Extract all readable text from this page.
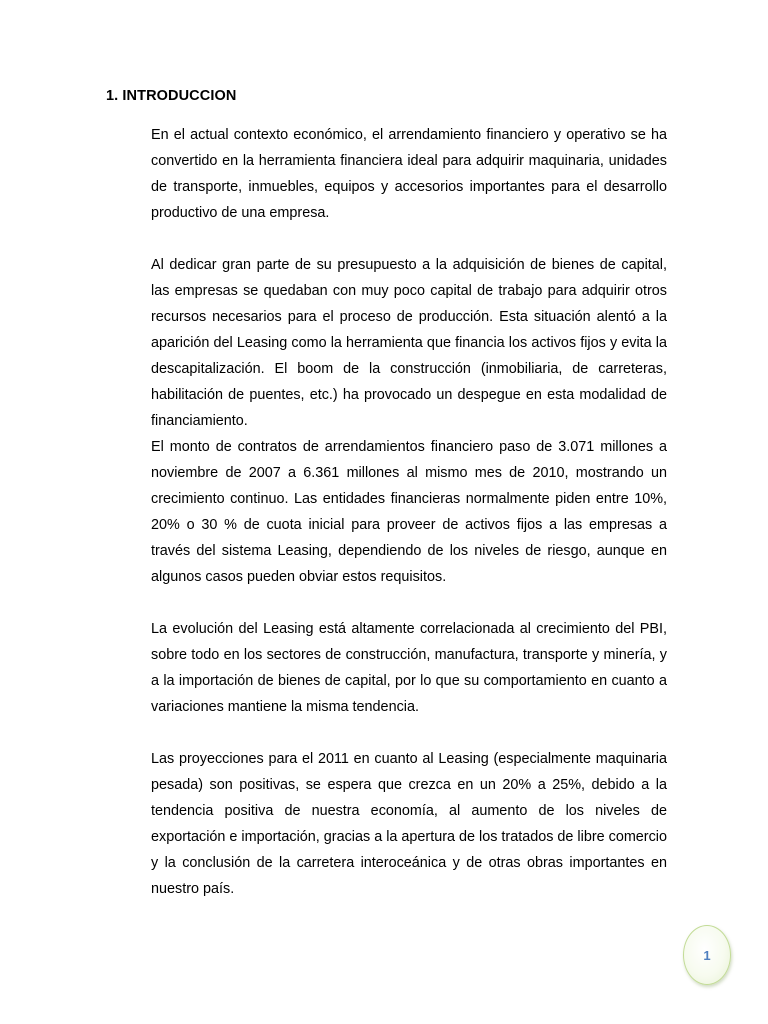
1. INTRODUCCION

En el actual contexto económico, el arrendamiento financiero y operativo se ha convertido en la herramienta financiera ideal para adquirir maquinaria, unidades de transporte, inmuebles, equipos y accesorios importantes para el desarrollo productivo de una empresa.

Al dedicar gran parte de su presupuesto a la adquisición de bienes de capital, las empresas se quedaban con muy poco capital de trabajo para adquirir otros recursos necesarios para el proceso de producción. Esta situación alentó a la aparición del Leasing como la herramienta que financia los activos fijos y evita la descapitalización. El boom de la construcción (inmobiliaria, de carreteras, habilitación de puentes, etc.) ha provocado un despegue en esta modalidad de financiamiento.

El monto de contratos de arrendamientos financiero paso de 3.071 millones a noviembre de 2007 a 6.361 millones al mismo mes de 2010, mostrando un crecimiento continuo. Las entidades financieras normalmente piden entre 10%, 20% o 30 % de cuota inicial para proveer de activos fijos a las empresas a través del sistema Leasing, dependiendo de los niveles de riesgo, aunque en algunos casos pueden obviar estos requisitos.

La evolución del Leasing está altamente correlacionada al crecimiento del PBI, sobre todo en los sectores de construcción, manufactura, transporte y minería, y a la importación de bienes de capital, por lo que su comportamiento en cuanto a variaciones mantiene la misma tendencia.

Las proyecciones para el 2011 en cuanto al Leasing (especialmente maquinaria pesada) son positivas, se espera que crezca en un 20% a 25%, debido a la tendencia positiva de nuestra economía, al aumento de los niveles de exportación e importación, gracias a la apertura de los tratados de libre comercio y la conclusión de la carretera interoceánica y de otras obras importantes en nuestro país.

1
